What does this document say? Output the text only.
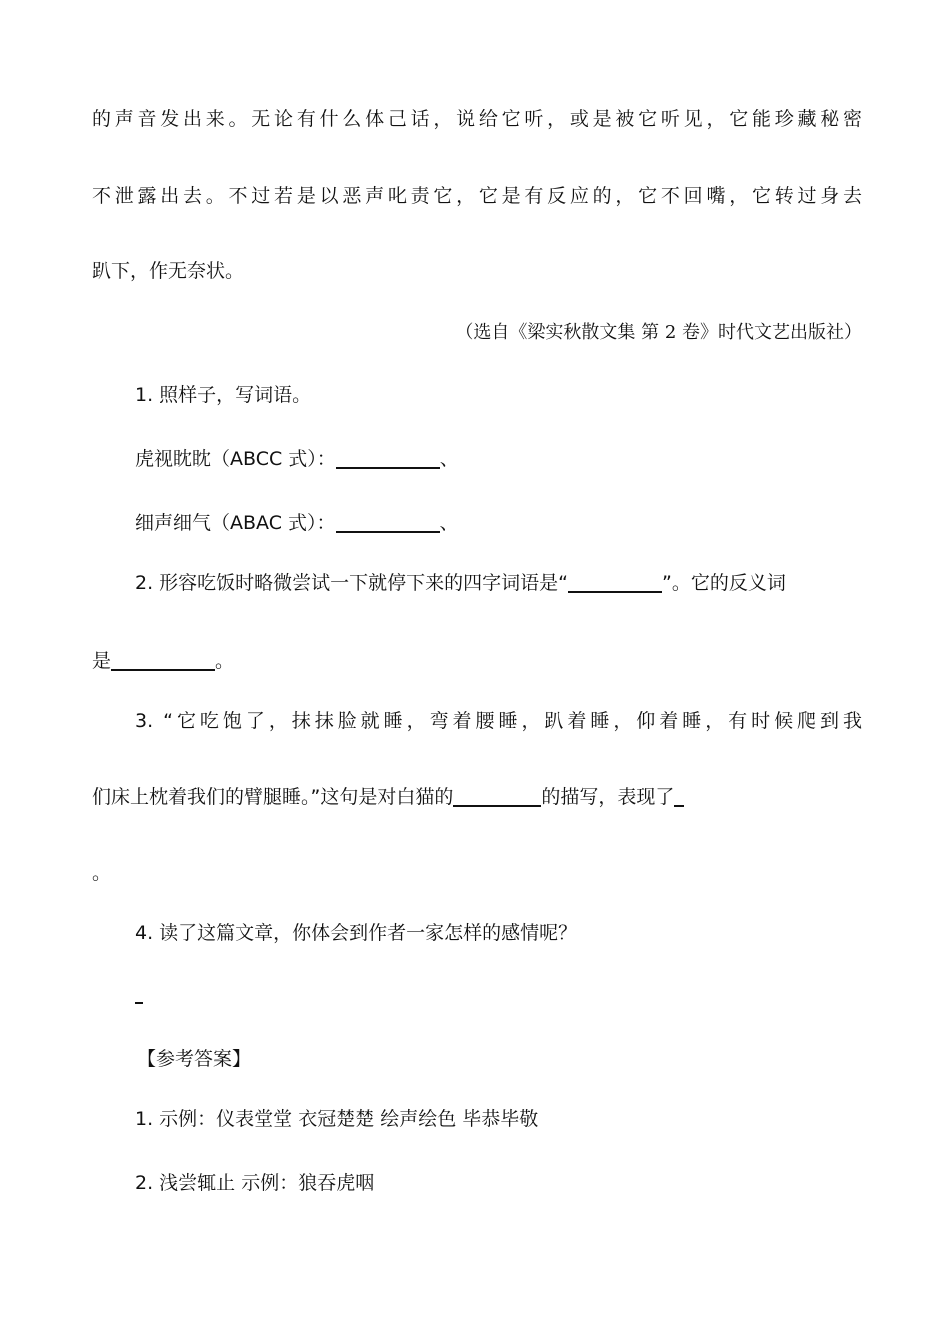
的声音发出来。无论有什么体己话，说给它听，或是被它听见，它能珍藏秘密
不泄露出去。不过若是以恶声叱责它，它是有反应的，它不回嘴，它转过身去
趴下，作无奈状。
（选自《梁实秋散文集 第 2 卷》时代文艺出版社）
1. 照样子，写词语。
虎视眈眈（ABCC 式）：	、
细声细气（ABAC 式）：	、
2. 形容吃饭时略微尝试一下就停下来的四字词语是“	”。它的反义词
是	。
3. “它吃饱了，抹抹脸就睡，弯着腰睡，趴着睡，仰着睡，有时候爬到我
们床上枕着我们的臂腿睡。”这句是对白猫的	的描写，表现了
。
4. 读了这篇文章，你体会到作者一家怎样的感情呢？
【参考答案】
1. 示例：仪表堂堂 衣冠楚楚 绘声绘色 毕恭毕敬
2. 浅尝辄止 示例：狼吞虎咽
